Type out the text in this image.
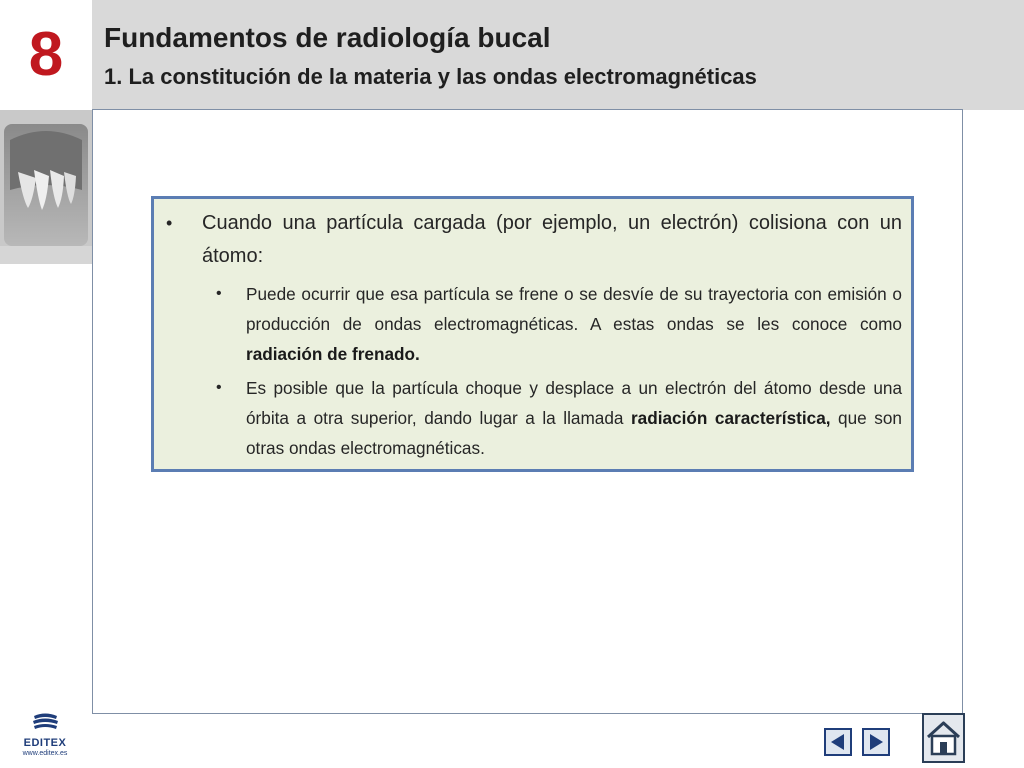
8 Fundamentos de radiología bucal
1. La constitución de la materia y las ondas electromagnéticas
• Cuando una partícula cargada (por ejemplo, un electrón) colisiona con un átomo:
• Puede ocurrir que esa partícula se frene o se desvíe de su trayectoria con emisión o producción de ondas electromagnéticas. A estas ondas se les conoce como radiación de frenado.
• Es posible que la partícula choque y desplace a un electrón del átomo desde una órbita a otra superior, dando lugar a la llamada radiación característica, que son otras ondas electromagnéticas.
EDITEX
www.editex.es
